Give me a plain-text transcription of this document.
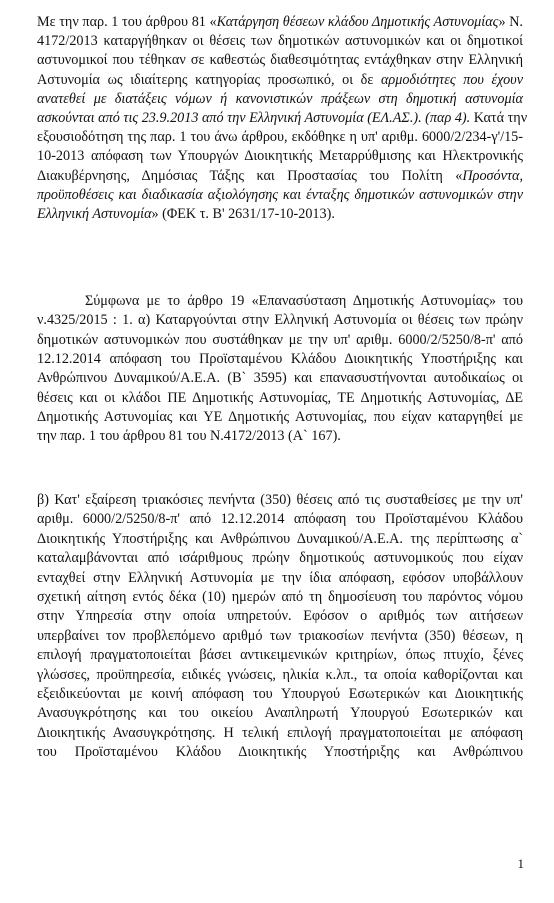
Με την παρ. 1 του άρθρου 81 «Κατάργηση θέσεων κλάδου Δημοτικής Αστυνομίας» Ν.
4172/2013 καταργήθηκαν οι θέσεις των δημοτικών αστυνομικών και οι δημοτικοί
αστυνομικοί που τέθηκαν σε καθεστώς διαθεσιμότητας εντάχθηκαν στην Ελληνική
Αστυνομία ως ιδιαίτερης κατηγορίας προσωπικό, οι δε αρμοδιότητες που έχουν
ανατεθεί με διατάξεις νόμων ή κανονιστικών πράξεων στη δημοτική αστυνομία
ασκούνται από τις 23.9.2013 από την Ελληνική Αστυνομία (ΕΛ.ΑΣ.). (παρ 4). Κατά την
εξουσιοδότηση της παρ. 1 του άνω άρθρου, εκδόθηκε η υπ' αριθμ. 6000/2/234-γ'/15-
10-2013 απόφαση των Υπουργών Διοικητικής Μεταρρύθμισης και Ηλεκτρονικής
Διακυβέρνησης, Δημόσιας Τάξης και Προστασίας του Πολίτη «Προσόντα,
προϋποθέσεις και διαδικασία αξιολόγησης και ένταξης δημοτικών αστυνομικών στην
Ελληνική Αστυνομία» (ΦΕΚ τ. Β' 2631/17-10-2013).
Σύμφωνα με το άρθρο 19 «Επανασύσταση Δημοτικής Αστυνομίας» του
ν.4325/2015 : 1. α) Καταργούνται στην Ελληνική Αστυνομία οι θέσεις των πρώην
δημοτικών αστυνομικών που συστάθηκαν με την υπ' αριθμ. 6000/2/5250/8-π' από
12.12.2014 απόφαση του Προϊσταμένου Κλάδου Διοικητικής Υποστήριξης και
Ανθρώπινου Δυναμικού/Α.Ε.Α. (Β` 3595) και επανασυστήνονται αυτοδικαίως οι
θέσεις και οι κλάδοι ΠΕ Δημοτικής Αστυνομίας, ΤΕ Δημοτικής Αστυνομίας, ΔΕ
Δημοτικής Αστυνομίας και ΥΕ Δημοτικής Αστυνομίας, που είχαν καταργηθεί με
την παρ. 1 του άρθρου 81 του Ν.4172/2013 (Α` 167).
β) Κατ' εξαίρεση τριακόσιες πενήντα (350) θέσεις από τις συσταθείσες με την υπ'
αριθμ. 6000/2/5250/8-π' από 12.12.2014 απόφαση του Προϊσταμένου Κλάδου
Διοικητικής Υποστήριξης και Ανθρώπινου Δυναμικού/Α.Ε.Α. της περίπτωσης α`
καταλαμβάνονται από ισάριθμους πρώην δημοτικούς αστυνομικούς που είχαν
ενταχθεί στην Ελληνική Αστυνομία με την ίδια απόφαση, εφόσον υποβάλλουν
σχετική αίτηση εντός δέκα (10) ημερών από τη δημοσίευση του παρόντος νόμου
στην Υπηρεσία στην οποία υπηρετούν. Εφόσον ο αριθμός των αιτήσεων
υπερβαίνει τον προβλεπόμενο αριθμό των τριακοσίων πενήντα (350) θέσεων, η
επιλογή πραγματοποιείται βάσει αντικειμενικών κριτηρίων, όπως πτυχίο, ξένες
γλώσσες, προϋπηρεσία, ειδικές γνώσεις, ηλικία κ.λπ., τα οποία καθορίζονται και
εξειδικεύονται με κοινή απόφαση του Υπουργού Εσωτερικών και Διοικητικής
Ανασυγκρότησης και του οικείου Αναπληρωτή Υπουργού Εσωτερικών και
Διοικητικής Ανασυγκρότησης. Η τελική επιλογή πραγματοποιείται με απόφαση
του Προϊσταμένου Κλάδου Διοικητικής Υποστήριξης και Ανθρώπινου
1
